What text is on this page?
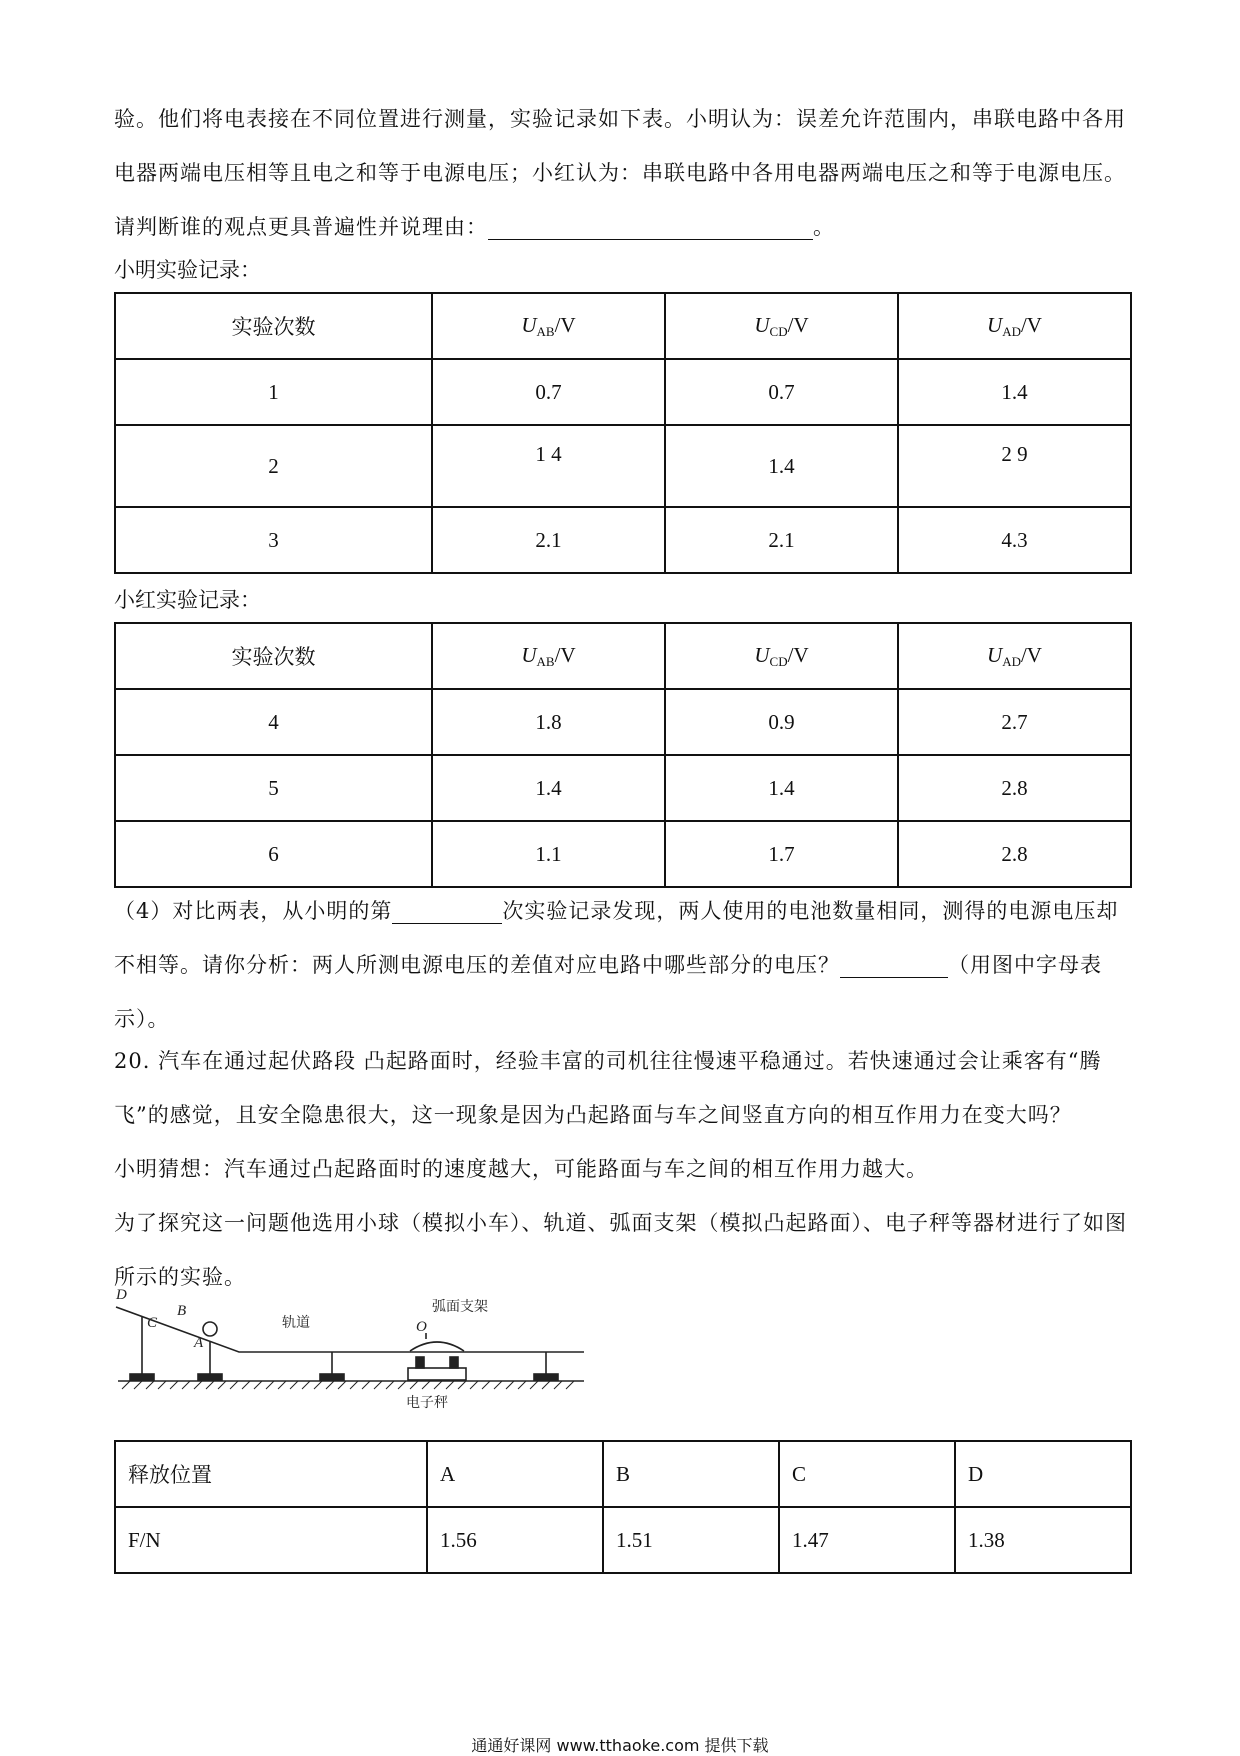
验。他们将电表接在不同位置进行测量，实验记录如下表。小明认为：误差允许范围内，串联电路中各用
电器两端电压相等且电之和等于电源电压；小红认为：串联电路中各用电器两端电压之和等于电源电压。
请判断谁的观点更具普遍性并说理由：	。
小明实验记录：
实验次数	$U_{AB}/V$	$U_{CD}/V$	$U_{AD}/V$
1	0.7	0.7	1.4
2	1 4	1.4	2 9
3	2.1	2.1	4.3
小红实验记录：
实验次数	$U_{AB}/V$	$U_{CD}/V$	$U_{AD}/V$
4	1.8	0.9	2.7
5	1.4	1.4	2.8
6	1.1	1.7	2.8
（4）对比两表，从小明的第	次实验记录发现，两人使用的电池数量相同，测得的电源电压却
不相等。请你分析：两人所测电源电压的差值对应电路中哪些部分的电压？	（用图中字母表
示）。
20. 汽车在通过起伏路段 凸起路面时，经验丰富的司机往往慢速平稳通过。若快速通过会让乘客有“腾
飞”的感觉，且安全隐患很大，这一现象是因为凸起路面与车之间竖直方向的相互作用力在变大吗？
小明猜想：汽车通过凸起路面时的速度越大，可能路面与车之间的相互作用力越大。
为了探究这一问题他选用小球（模拟小车）、轨道、弧面支架（模拟凸起路面）、电子秤等器材进行了如图
所示的实验。
D
B
C
A
轨道	O
弧面支架
电子秤
释放位置	A	B	C	D
F/N	1.56	1.51	1.47	1.38
通通好课网 www.tthaoke.com 提供下载
